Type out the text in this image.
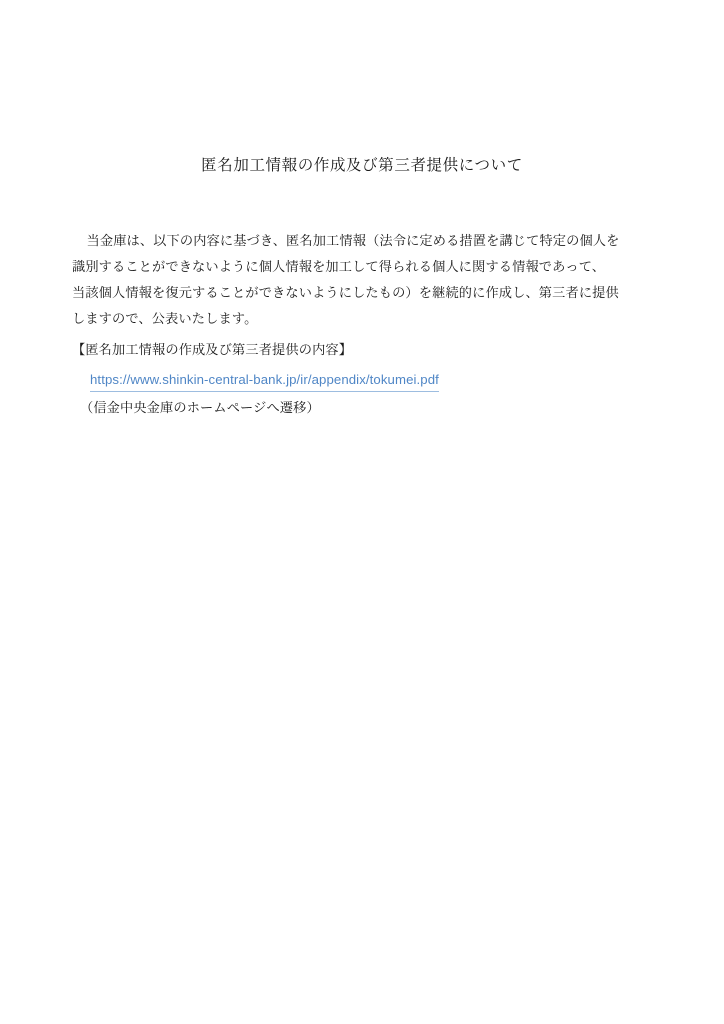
匿名加工情報の作成及び第三者提供について

当金庫は、以下の内容に基づき、匿名加工情報（法令に定める措置を講じて特定の個人を

識別することができないように個人情報を加工して得られる個人に関する情報であって、

当該個人情報を復元することができないようにしたもの）を継続的に作成し、第三者に提供

しますので、公表いたします。

【匿名加工情報の作成及び第三者提供の内容】

https://www.shinkin-central-bank.jp/ir/appendix/tokumei.pdf

（信金中央金庫のホームページへ遷移）
